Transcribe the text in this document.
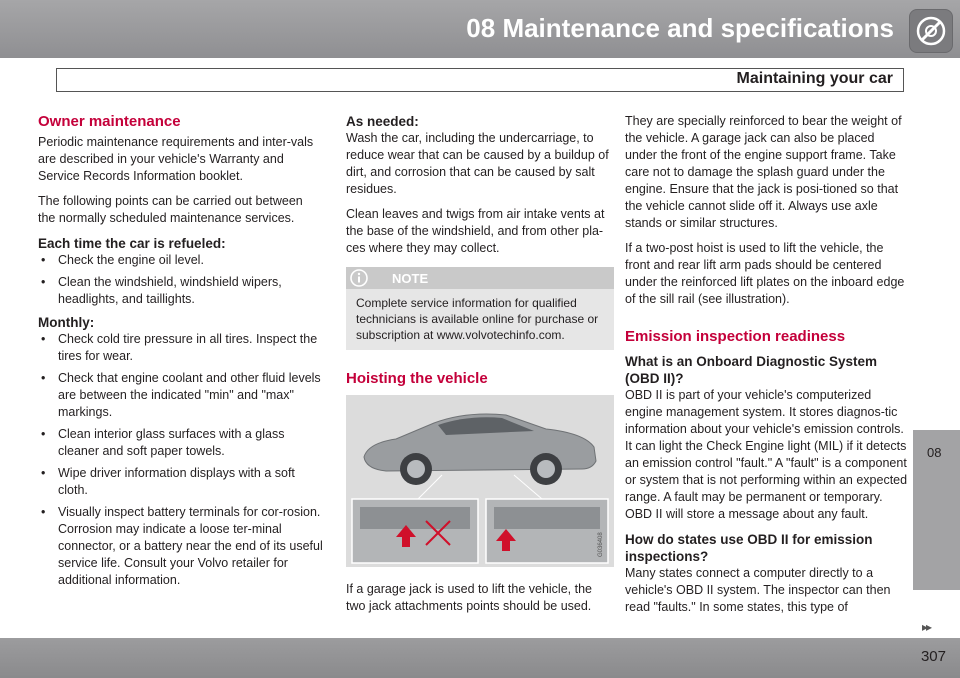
08 Maintenance and specifications
Maintaining your car
Owner maintenance

Periodic maintenance requirements and inter-vals are described in your vehicle's Warranty and Service Records Information booklet.

The following points can be carried out between the normally scheduled maintenance services.

Each time the car is refueled:
• Check the engine oil level.
• Clean the windshield, windshield wipers, headlights, and taillights.
Monthly:
• Check cold tire pressure in all tires. Inspect the tires for wear.
• Check that engine coolant and other fluid levels are between the indicated "min" and "max" markings.
• Clean interior glass surfaces with a glass cleaner and soft paper towels.
• Wipe driver information displays with a soft cloth.
• Visually inspect battery terminals for cor-rosion. Corrosion may indicate a loose ter-minal connector, or a battery near the end of its useful service life. Consult your Volvo retailer for additional information.
As needed:

Wash the car, including the undercarriage, to reduce wear that can be caused by a buildup of dirt, and corrosion that can be caused by salt residues.

Clean leaves and twigs from air intake vents at the base of the windshield, and from other pla-ces where they may collect.

NOTE
Complete service information for qualified technicians is available online for purchase or subscription at www.volvotechinfo.com.
Hoisting the vehicle
G036408

If a garage jack is used to lift the vehicle, the two jack attachments points should be used.

They are specially reinforced to bear the weight of the vehicle. A garage jack can also be placed under the front of the engine support frame. Take care not to damage the splash guard under the engine. Ensure that the jack is posi-tioned so that the vehicle cannot slide off it. Always use axle stands or similar structures.

If a two-post hoist is used to lift the vehicle, the front and rear lift arm pads should be centered under the reinforced lift plates on the inboard edge of the sill rail (see illustration).

Emission inspection readiness
What is an Onboard Diagnostic System (OBD II)?

OBD II is part of your vehicle's computerized engine management system. It stores diagnos-tic information about your vehicle's emission controls. It can light the Check Engine light (MIL) if it detects an emission control "fault." A "fault" is a component or system that is not performing within an expected range. A fault may be permanent or temporary. OBD II will store a message about any fault.

How do states use OBD II for emission inspections?

Many states connect a computer directly to a vehicle's OBD II system. The inspector can then read "faults." In some states, this type of

08
▸▸
307
